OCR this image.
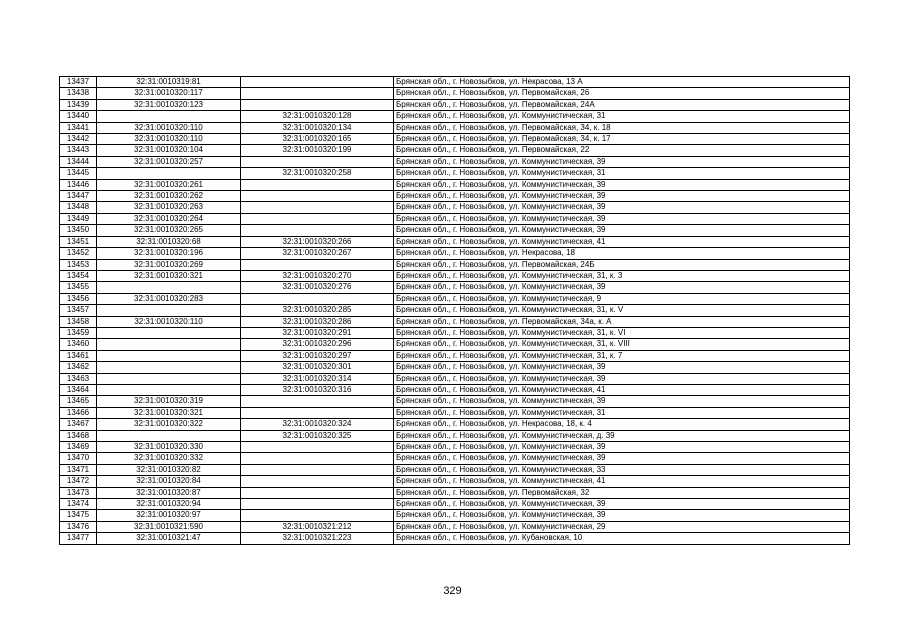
13437	32:31:0010319:81		Брянская обл., г. Новозыбков, ул. Некрасова, 13 А
13438	32:31:0010320:117		Брянская обл., г. Новозыбков, ул. Первомайская, 26
13439	32:31:0010320:123		Брянская обл., г. Новозыбков, ул. Первомайская, 24А
13440		32:31:0010320:128	Брянская обл., г. Новозыбков, ул. Коммунистическая, 31
13441	32:31:0010320:110	32:31:0010320:134	Брянская обл., г. Новозыбков, ул. Первомайская, 34, к. 18
13442	32:31:0010320:110	32:31:0010320:165	Брянская обл., г. Новозыбков, ул. Первомайская, 34, к. 17
13443	32:31:0010320:104	32:31:0010320:199	Брянская обл., г. Новозыбков, ул. Первомайская, 22
13444	32:31:0010320:257		Брянская обл., г. Новозыбков, ул. Коммунистическая, 39
13445		32:31:0010320:258	Брянская обл., г. Новозыбков, ул. Коммунистическая, 31
13446	32:31:0010320:261		Брянская обл., г. Новозыбков, ул. Коммунистическая, 39
13447	32:31:0010320:262		Брянская обл., г. Новозыбков, ул. Коммунистическая, 39
13448	32:31:0010320:263		Брянская обл., г. Новозыбков, ул. Коммунистическая, 39
13449	32:31:0010320:264		Брянская обл., г. Новозыбков, ул. Коммунистическая, 39
13450	32:31:0010320:265		Брянская обл., г. Новозыбков, ул. Коммунистическая, 39
13451	32:31:0010320:68	32:31:0010320:266	Брянская обл., г. Новозыбков, ул. Коммунистическая, 41
13452	32:31:0010320:196	32:31:0010320:267	Брянская обл., г. Новозыбков, ул. Некрасова, 18
13453	32:31:0010320:269		Брянская обл., г. Новозыбков, ул. Первомайская, 24Б
13454	32:31:0010320:321	32:31:0010320:270	Брянская обл., г. Новозыбков, ул. Коммунистическая, 31, к. 3
13455		32:31:0010320:276	Брянская обл., г. Новозыбков, ул. Коммунистическая, 39
13456	32:31:0010320:283		Брянская обл., г. Новозыбков, ул. Коммунистическая, 9
13457		32:31:0010320:285	Брянская обл., г. Новозыбков, ул. Коммунистическая, 31, к. V
13458	32:31:0010320:110	32:31:0010320:286	Брянская обл., г. Новозыбков, ул. Первомайская, 34а, к. А
13459		32:31:0010320:291	Брянская обл., г. Новозыбков, ул. Коммунистическая, 31, к. VI
13460		32:31:0010320:296	Брянская обл., г. Новозыбков, ул. Коммунистическая, 31, к. VIII
13461		32:31:0010320:297	Брянская обл., г. Новозыбков, ул. Коммунистическая, 31, к. 7
13462		32:31:0010320:301	Брянская обл., г. Новозыбков, ул. Коммунистическая, 39
13463		32:31:0010320:314	Брянская обл., г. Новозыбков, ул. Коммунистическая, 39
13464		32:31:0010320:316	Брянская обл., г. Новозыбков, ул. Коммунистическая, 41
13465	32:31:0010320:319		Брянская обл., г. Новозыбков, ул. Коммунистическая, 39
13466	32:31:0010320:321		Брянская обл., г. Новозыбков, ул. Коммунистическая, 31
13467	32:31:0010320:322	32:31:0010320:324	Брянская обл., г. Новозыбков, ул. Некрасова, 18, к. 4
13468		32:31:0010320:325	Брянская обл., г. Новозыбков, ул. Коммунистическая, д. 39
13469	32:31:0010320:330		Брянская обл., г. Новозыбков, ул. Коммунистическая, 39
13470	32:31:0010320:332		Брянская обл., г. Новозыбков, ул. Коммунистическая, 39
13471	32:31:0010320:82		Брянская обл., г. Новозыбков, ул. Коммунистическая, 33
13472	32:31:0010320:84		Брянская обл., г. Новозыбков, ул. Коммунистическая, 41
13473	32:31:0010320:87		Брянская обл., г. Новозыбков, ул. Первомайская, 32
13474	32:31:0010320:94		Брянская обл., г. Новозыбков, ул. Коммунистическая, 39
13475	32:31:0010320:97		Брянская обл., г. Новозыбков, ул. Коммунистическая, 39
13476	32:31:0010321:590	32:31:0010321:212	Брянская обл., г. Новозыбков, ул. Коммунистическая, 29
13477	32:31:0010321:47	32:31:0010321:223	Брянская обл., г. Новозыбков, ул. Кубановская, 10
329
